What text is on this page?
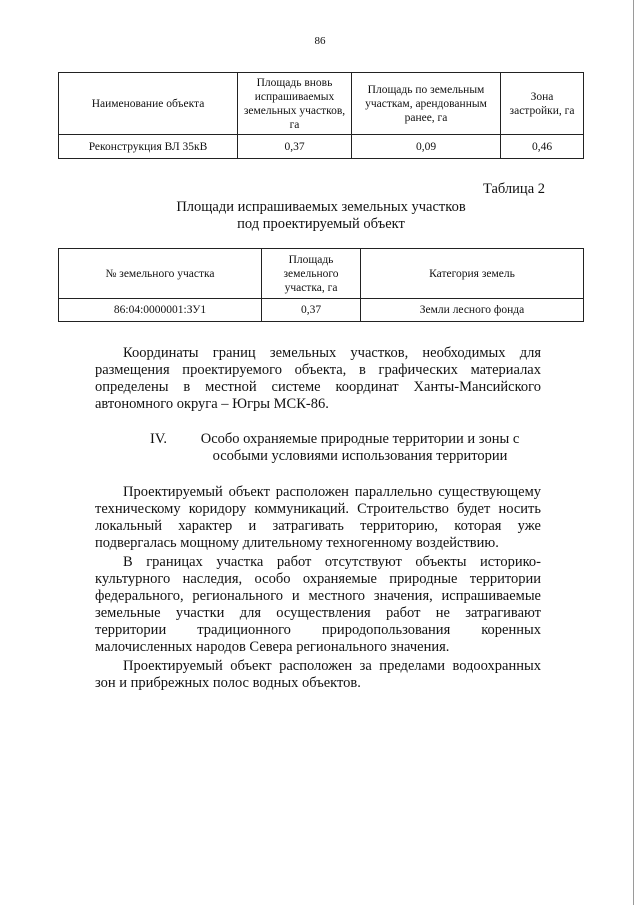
86
Наименование объекта	Площадь вновь испрашиваемых земельных участков, га	Площадь по земельным участкам, арендованным ранее, га	Зона застройки, га
Реконструкция ВЛ 35кВ	0,37	0,09	0,46
Таблица 2
Площади испрашиваемых земельных участков
под проектируемый объект
№ земельного участка	Площадь земельного участка, га	Категория земель
86:04:0000001:ЗУ1	0,37	Земли лесного фонда
Координаты границ земельных участков, необходимых для размещения проектируемого объекта, в графических материалах определены в местной системе координат Ханты-Мансийского автономного округа – Югры МСК-86.
IV.	Особо охраняемые природные территории и зоны с
особыми условиями использования территории
Проектируемый объект расположен параллельно существующему техническому коридору коммуникаций. Строительство будет носить локальный характер и затрагивать территорию, которая уже подвергалась мощному длительному техногенному воздействию.
В границах участка работ отсутствуют объекты историко-культурного наследия, особо охраняемые природные территории федерального, регионального и местного значения, испрашиваемые земельные участки для осуществления работ не затрагивают территории традиционного природопользования коренных малочисленных народов Севера регионального значения.
Проектируемый объект расположен за пределами водоохранных зон и прибрежных полос водных объектов.
